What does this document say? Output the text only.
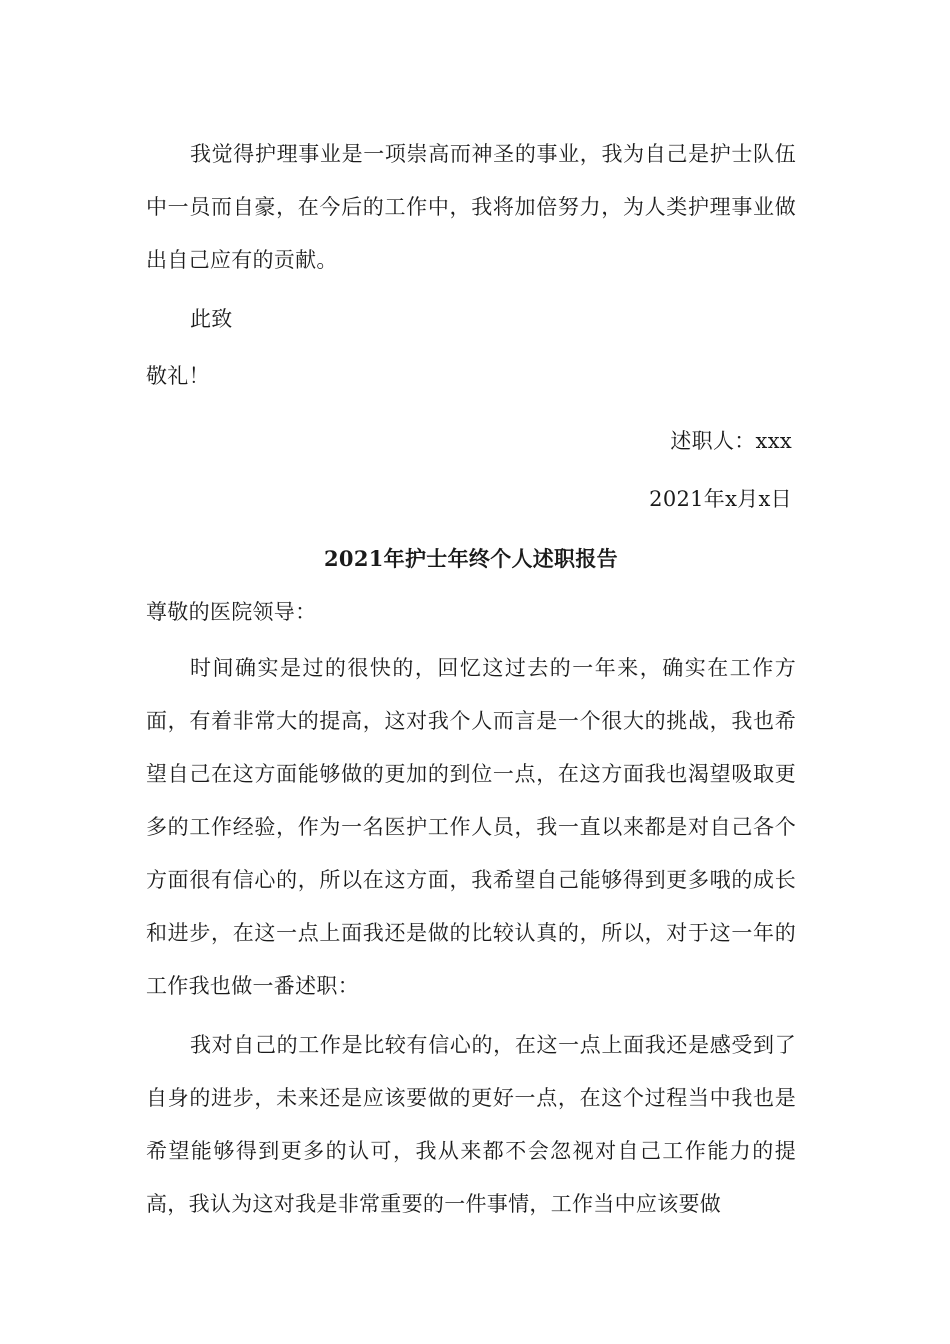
我觉得护理事业是一项崇高而神圣的事业，我为自己是护士队伍中一员而自豪，在今后的工作中，我将加倍努力，为人类护理事业做出自己应有的贡献。

此致

敬礼！

述职人：xxx

2021年x月x日

2021年护士年终个人述职报告

尊敬的医院领导：

时间确实是过的很快的，回忆这过去的一年来，确实在工作方面，有着非常大的提高，这对我个人而言是一个很大的挑战，我也希望自己在这方面能够做的更加的到位一点，在这方面我也渴望吸取更多的工作经验，作为一名医护工作人员，我一直以来都是对自己各个方面很有信心的，所以在这方面，我希望自己能够得到更多哦的成长和进步，在这一点上面我还是做的比较认真的，所以，对于这一年的工作我也做一番述职：

我对自己的工作是比较有信心的，在这一点上面我还是感受到了自身的进步，未来还是应该要做的更好一点，在这个过程当中我也是希望能够得到更多的认可，我从来都不会忽视对自己工作能力的提高，我认为这对我是非常重要的一件事情，工作当中应该要做
